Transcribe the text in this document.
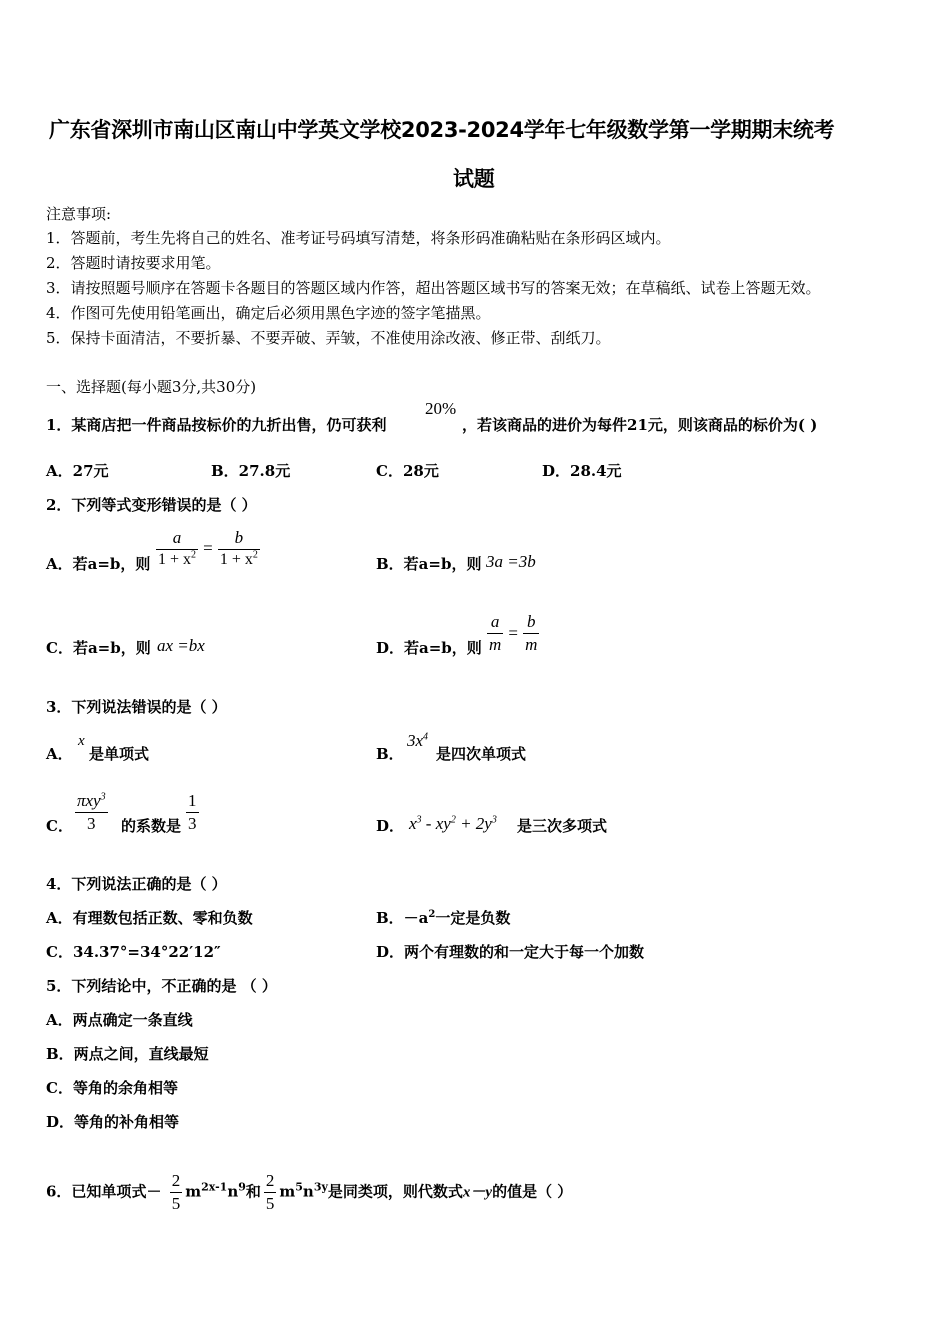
广东省深圳市南山区南山中学英文学校2023-2024学年七年级数学第一学期期末统考
试题
注意事项:
1．答题前，考生先将自己的姓名、准考证号码填写清楚，将条形码准确粘贴在条形码区域内。
2．答题时请按要求用笔。
3．请按照题号顺序在答题卡各题目的答题区域内作答，超出答题区域书写的答案无效；在草稿纸、试卷上答题无效。
4．作图可先使用铅笔画出，确定后必须用黑色字迹的签字笔描黑。
5．保持卡面清洁，不要折暴、不要弄破、弄皱，不准使用涂改液、修正带、刮纸刀。
一、选择题(每小题3分,共30分)
1．某商店把一件商品按标价的九折出售，仍可获利
20%
，若该商品的进价为每件21元，则该商品的标价为( )
A．27元	B．27.8元	C．28元	D．28.4元
2．下列等式变形错误的是（ ）
A．若a=b，则 $\frac{a}{1 + x^2} = \frac{b}{1 + x^2}$	B．若a=b，则 3a =3b
C．若a=b，则 ax =bx	D．若a=b，则 $\frac{a}{m} = \frac{b}{m}$
3．下列说法错误的是（ ）
A．
x
是单项式	B．
$3x^4$
是四次单项式
C． $\frac{\pi xy^3}{3}$ 的系数是 $\frac{1}{3}$	D． $x^3 - xy^2 + 2y^3$ 是三次多项式
4．下列说法正确的是（ ）
A．有理数包括正数、零和负数	B．$-a^2$一定是负数
C．34.37°=34°22′12″	D．两个有理数的和一定大于每一个加数
5．下列结论中，不正确的是 （ ）
A．两点确定一条直线
B．两点之间，直线最短
C．等角的余角相等
D．等角的补角相等
6．已知单项式－ $\frac{2}{5} m^{2x-1}n^9$和 $\frac{2}{5} m^5n^{3y}$是同类项，则代数式x－y的值是（ ）
